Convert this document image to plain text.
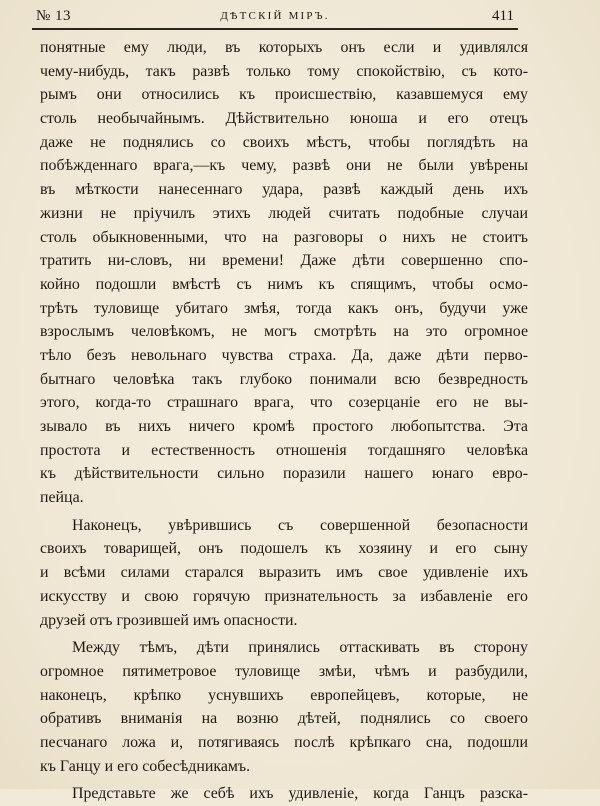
№ 13	ДѢТСКІЙ МІРЪ.	411

понятные ему люди, въ которыхъ онъ если и удивлялся
чему-нибудь, такъ развѣ только тому спокойствію, съ кото-
рымъ они относились къ происшествію, казавшемуся ему
столь необычайнымъ. Дѣйствительно юноша и его отецъ
даже не поднялись со своихъ мѣстъ, чтобы поглядѣть на
побѣжденнаго врага,—къ чему, развѣ они не были увѣрены
въ мѣткости нанесеннаго удара, развѣ каждый день ихъ
жизни не пріучилъ этихъ людей считать подобные случаи
столь обыкновенными, что на разговоры о нихъ не стоитъ
тратить ни-словъ, ни времени! Даже дѣти совершенно спо-
койно подошли вмѣстѣ съ нимъ къ спящимъ, чтобы осмо-
трѣть туловище убитаго змѣя, тогда какъ онъ, будучи уже
взрослымъ человѣкомъ, не могъ смотрѣть на это огромное
тѣло безъ невольнаго чувства страха. Да, даже дѣти перво-
бытнаго человѣка такъ глубоко понимали всю безвредность
этого, когда-то страшнаго врага, что созерцаніе его не вы-
зывало въ нихъ ничего кромѣ простого любопытства. Эта
простота и естественность отношенія тогдашняго человѣка
къ дѣйствительности сильно поразили нашего юнаго евро-
пейца.

Наконецъ, увѣрившись съ совершенной безопасности
своихъ товарищей, онъ подошелъ къ хозяину и его сыну
и всѣми силами старался выразить имъ свое удивленіе ихъ
искусству и свою горячую признательность за избавленіе его
друзей отъ грозившей имъ опасности.

Между тѣмъ, дѣти принялись оттаскивать въ сторону
огромное пятиметровое туловище змѣи, чѣмъ и разбудили,
наконецъ, крѣпко уснувшихъ европейцевъ, которые, не
обративъ вниманія на возню дѣтей, поднялись со своего
песчанаго ложа и, потягиваясь послѣ крѣпкаго сна, подошли
къ Ганцу и его собесѣдникамъ.

Представьте же себѣ ихъ удивленіе, когда Ганцъ разска-
